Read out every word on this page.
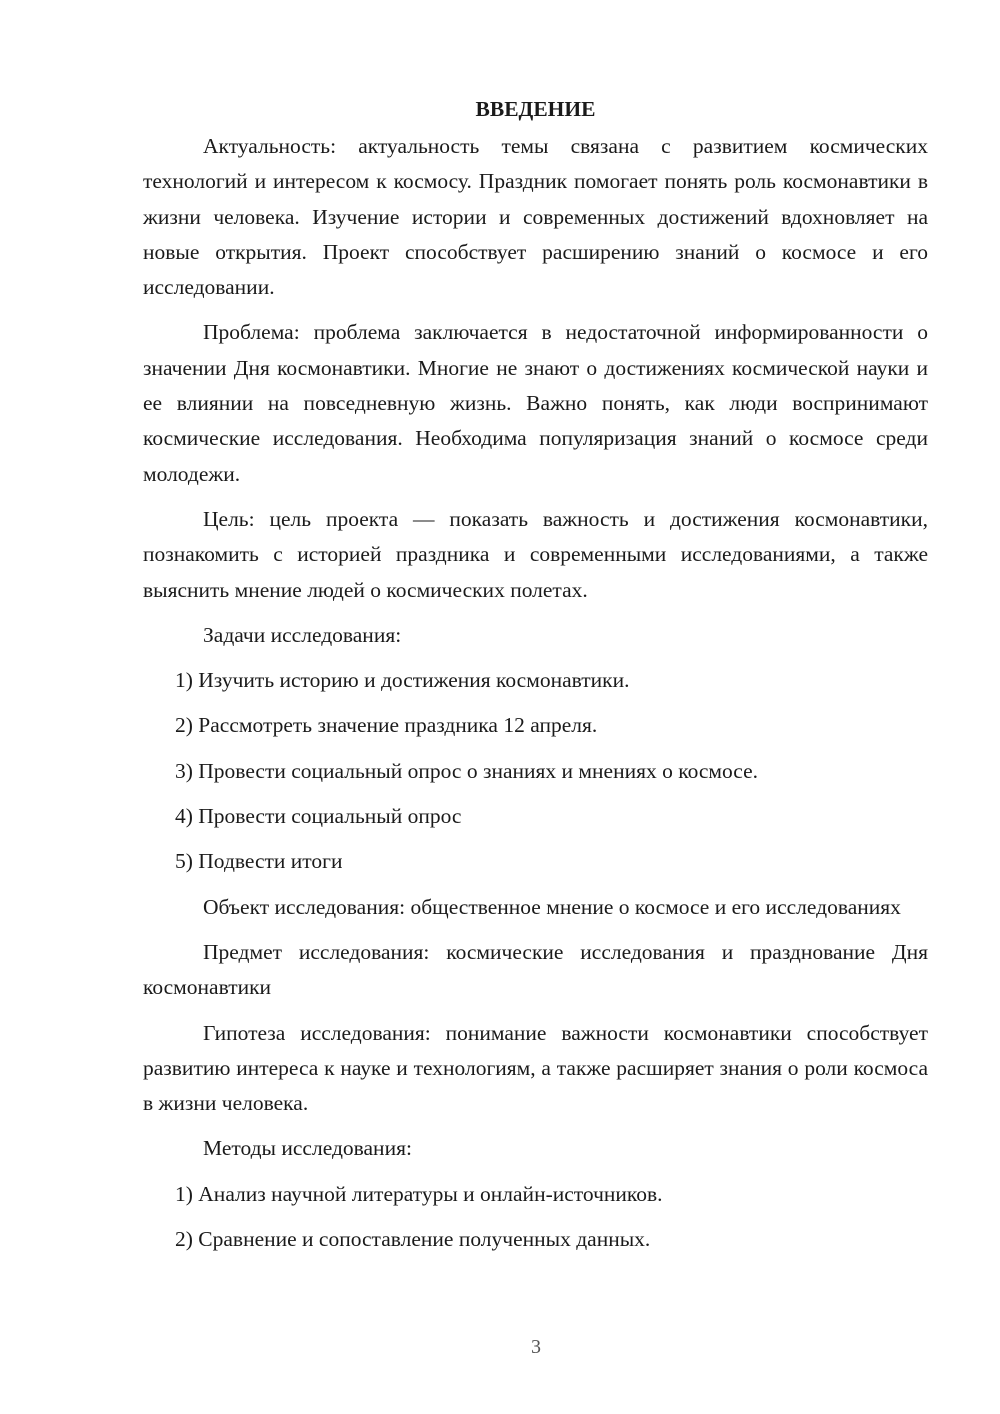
ВВЕДЕНИЕ
Актуальность: актуальность темы связана с развитием космических технологий и интересом к космосу. Праздник помогает понять роль космонавтики в жизни человека. Изучение истории и современных достижений вдохновляет на новые открытия. Проект способствует расширению знаний о космосе и его исследовании.
Проблема: проблема заключается в недостаточной информированности о значении Дня космонавтики. Многие не знают о достижениях космической науки и ее влиянии на повседневную жизнь. Важно понять, как люди воспринимают космические исследования. Необходима популяризация знаний о космосе среди молодежи.
Цель: цель проекта — показать важность и достижения космонавтики, познакомить с историей праздника и современными исследованиями, а также выяснить мнение людей о космических полетах.
Задачи исследования:
1) Изучить историю и достижения космонавтики.
2) Рассмотреть значение праздника 12 апреля.
3) Провести социальный опрос о знаниях и мнениях о космосе.
4) Провести социальный опрос
5) Подвести итоги
Объект исследования: общественное мнение о космосе и его исследованиях
Предмет исследования: космические исследования и празднование Дня космонавтики
Гипотеза исследования: понимание важности космонавтики способствует развитию интереса к науке и технологиям, а также расширяет знания о роли космоса в жизни человека.
Методы исследования:
1) Анализ научной литературы и онлайн-источников.
2) Сравнение и сопоставление полученных данных.
3
